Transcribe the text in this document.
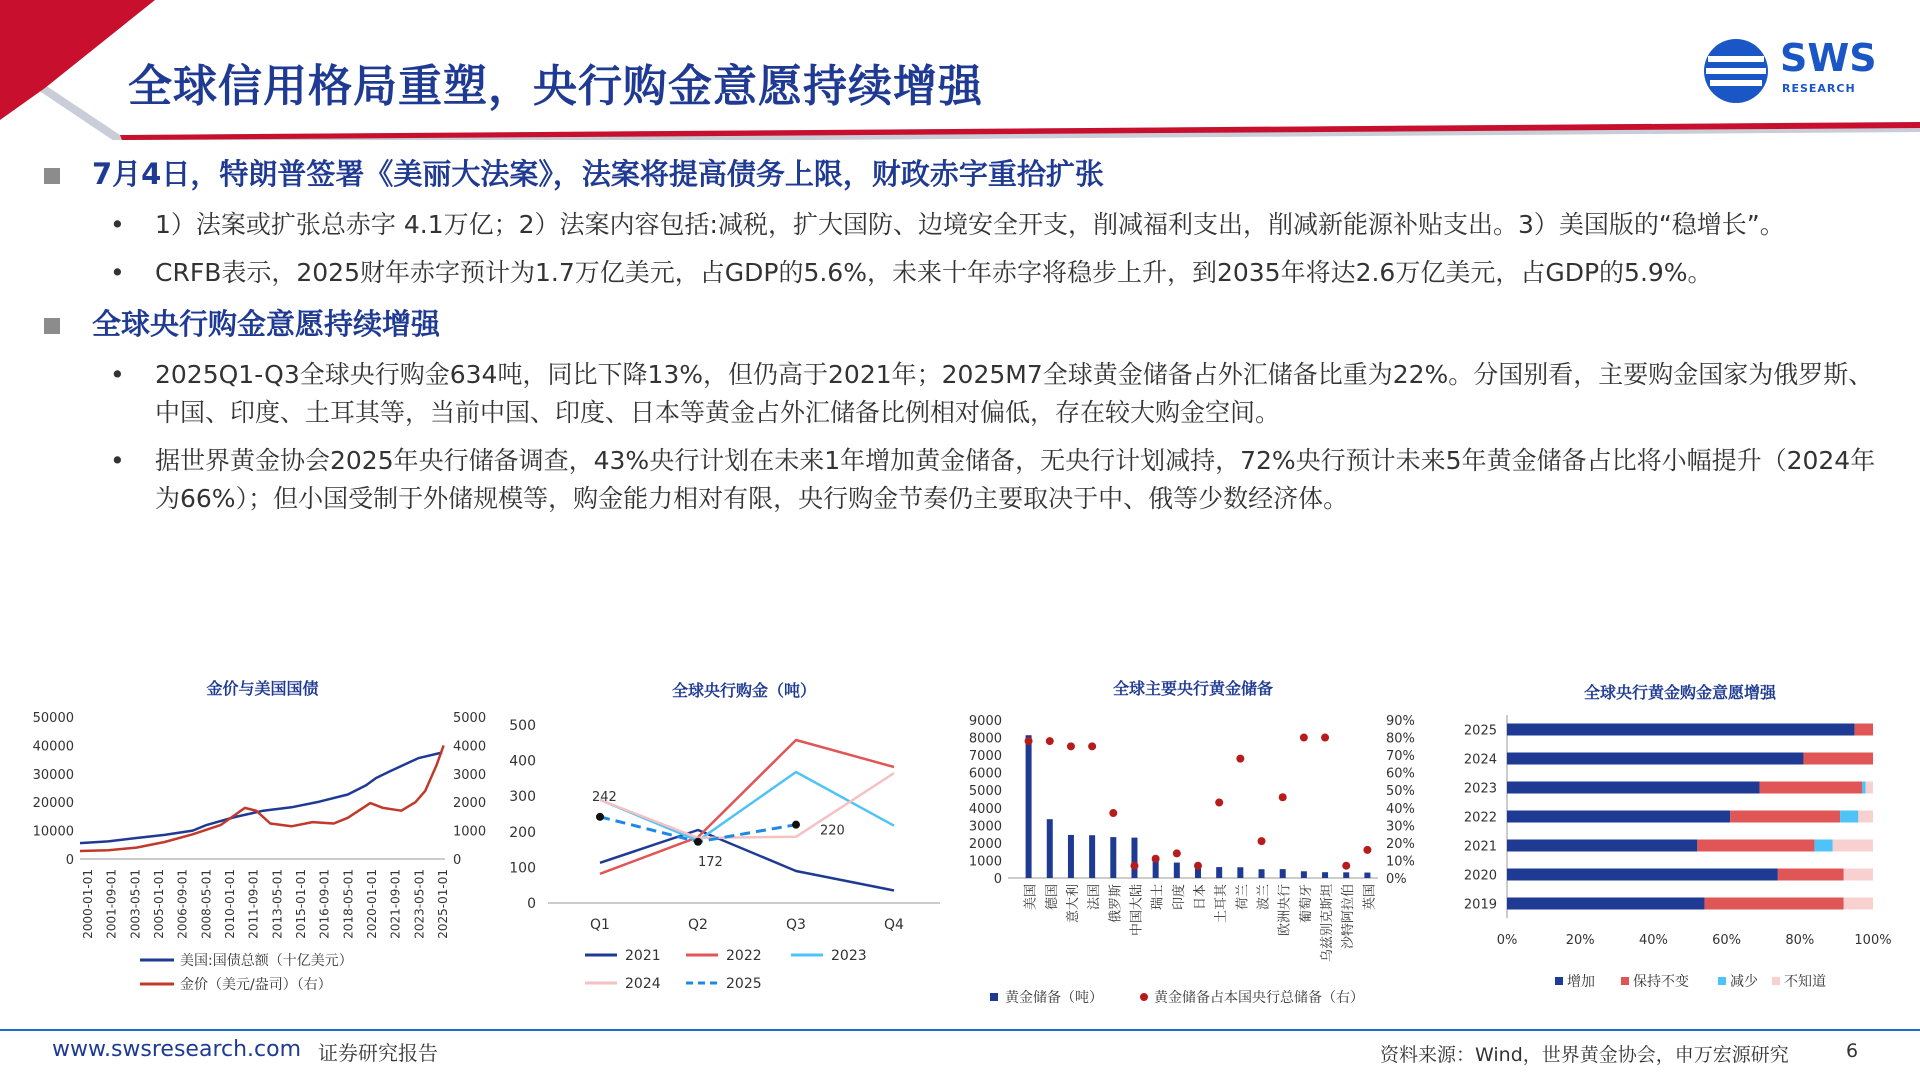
全球信用格局重塑，央行购金意愿持续增强
SWS
RESEARCH
7月4日，特朗普签署《美丽大法案》，法案将提高债务上限，财政赤字重拾扩张
• 1）法案或扩张总赤字 4.1万亿；2）法案内容包括:减税，扩大国防、边境安全开支，削减福利支出，削减新能源补贴支出。3）美国版的“稳增长”。
• CRFB表示，2025财年赤字预计为1.7万亿美元，占GDP的5.6%，未来十年赤字将稳步上升，到2035年将达2.6万亿美元，占GDP的5.9%。
全球央行购金意愿持续增强
• 2025Q1-Q3全球央行购金634吨，同比下降13%，但仍高于2021年；2025M7全球黄金储备占外汇储备比重为22%。分国别看，主要购金国家为俄罗斯、中国、印度、土耳其等，当前中国、印度、日本等黄金占外汇储备比例相对偏低，存在较大购金空间。
• 据世界黄金协会2025年央行储备调查，43%央行计划在未来1年增加黄金储备，无央行计划减持，72%央行预计未来5年黄金储备占比将小幅提升（2024年为66%）；但小国受制于外储规模等，购金能力相对有限，央行购金节奏仍主要取决于中、俄等少数经济体。
金价与美国国债
0
10000
20000
30000
40000
50000
0
1000
2000
3000
4000
5000
2000-01-01 2001-09-01 2003-05-01 2005-01-01 2006-09-01 2008-05-01 2010-01-01 2011-09-01 2013-05-01 2015-01-01 2016-09-01 2018-05-01 2020-01-01 2021-09-01 2023-05-01 2025-01-01
美国:国债总额（十亿美元）
金价（美元/盎司）（右）
全球央行购金（吨）
0
100
200
300
400
500
Q1	Q2	Q3	Q4
242
172
220
2021	2022	2023
2024	2025
全球主要央行黄金储备
0
1000
2000
3000
4000
5000
6000
7000
8000
9000
0%
10%
20%
30%
40%
50%
60%
70%
80%
90%
美国 德国 意大利 法国 俄罗斯 中国大陆 瑞士 印度 日本 土耳其 荷兰 波兰 欧洲央行 葡萄牙 乌兹别克斯坦 沙特阿拉伯 英国
黄金储备（吨）	黄金储备占本国央行总储备（右）
全球央行黄金购金意愿增强
2025
2024
2023
2022
2021
2020
2019
0%	20%	40%	60%	80%	100%
增加	保持不变	减少 不知道
www.swsresearch.com 证券研究报告	资料来源：Wind，世界黄金协会，申万宏源研究	6
